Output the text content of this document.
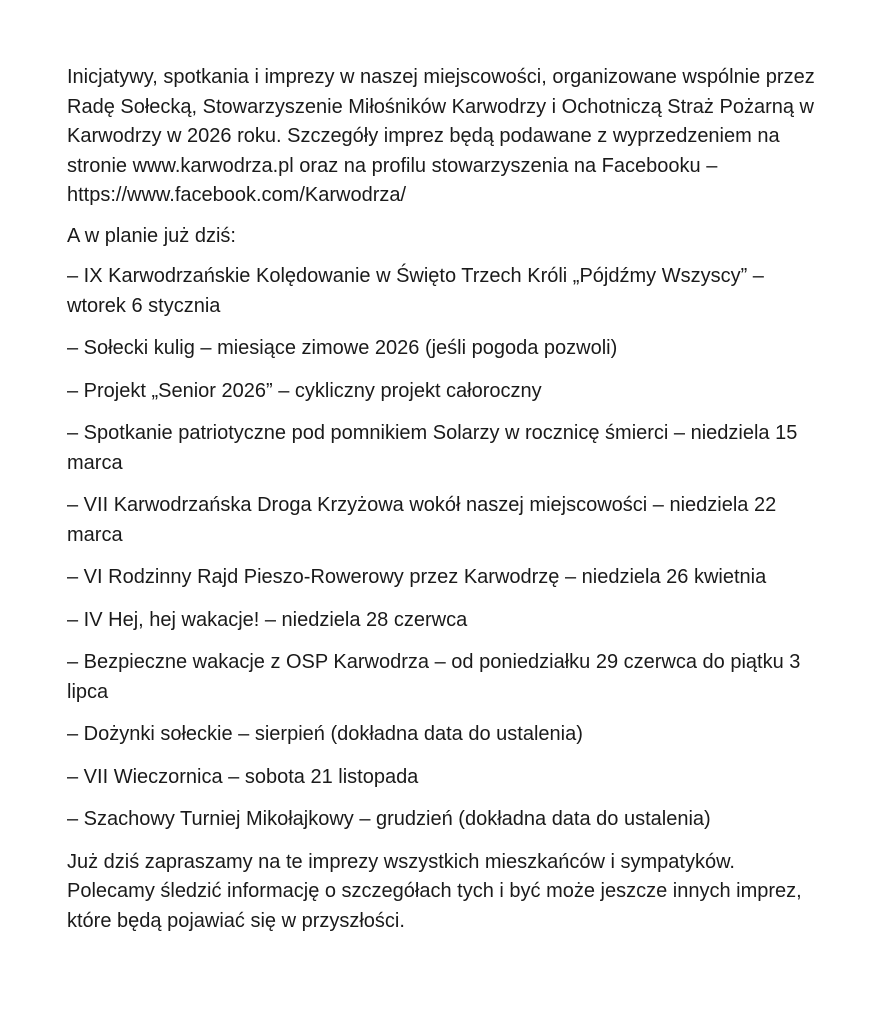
Inicjatywy, spotkania i imprezy w naszej miejscowości, organizowane wspólnie przez Radę Sołecką, Stowarzyszenie Miłośników Karwodrzy i Ochotniczą Straż Pożarną w Karwodrzy w 2026 roku. Szczegóły imprez będą podawane z wyprzedzeniem na stronie www.karwodrza.pl oraz na profilu stowarzyszenia na Facebooku – https://www.facebook.com/Karwodrza/

A w planie już dziś:

– IX Karwodrzańskie Kolędowanie w Święto Trzech Króli „Pójdźmy Wszyscy” – wtorek 6 stycznia

– Sołecki kulig – miesiące zimowe 2026 (jeśli pogoda pozwoli)

– Projekt „Senior 2026” – cykliczny projekt całoroczny

– Spotkanie patriotyczne pod pomnikiem Solarzy w rocznicę śmierci – niedziela 15 marca

– VII Karwodrzańska Droga Krzyżowa wokół naszej miejscowości – niedziela 22 marca

– VI Rodzinny Rajd Pieszo-Rowerowy przez Karwodrzę – niedziela 26 kwietnia

– IV Hej, hej wakacje! – niedziela 28 czerwca

– Bezpieczne wakacje z OSP Karwodrza – od poniedziałku 29 czerwca do piątku 3 lipca

– Dożynki sołeckie – sierpień (dokładna data do ustalenia)

– VII Wieczornica – sobota 21 listopada

– Szachowy Turniej Mikołajkowy – grudzień (dokładna data do ustalenia)

Już dziś zapraszamy na te imprezy wszystkich mieszkańców i sympatyków. Polecamy śledzić informację o szczegółach tych i być może jeszcze innych imprez, które będą pojawiać się w przyszłości.
